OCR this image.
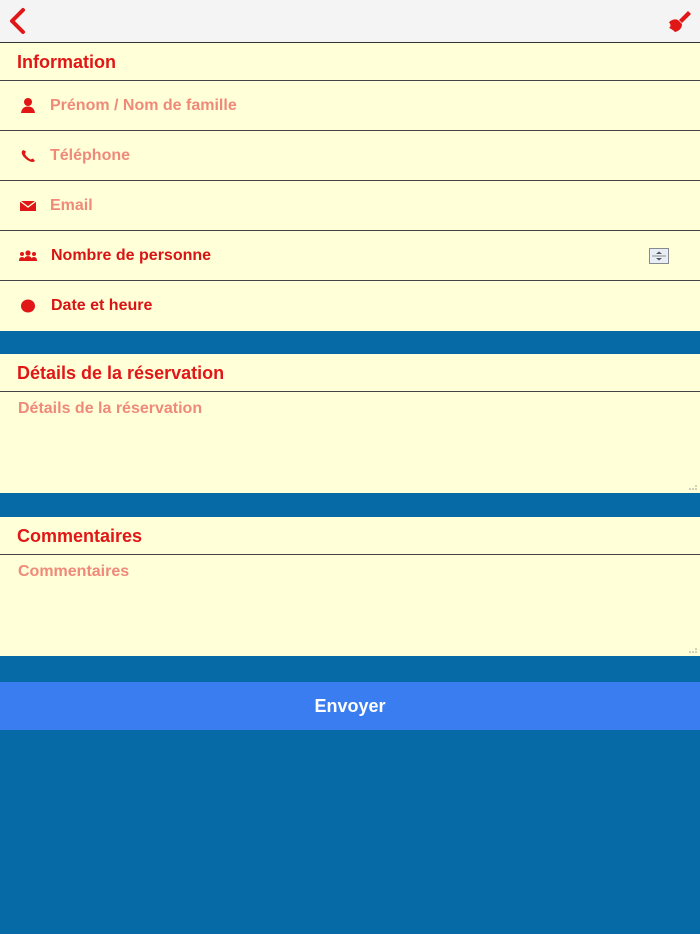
Information
Prénom / Nom de famille
Téléphone
Email
Nombre de personne
Date et heure
Détails de la réservation
Détails de la réservation
Commentaires
Commentaires
Envoyer
